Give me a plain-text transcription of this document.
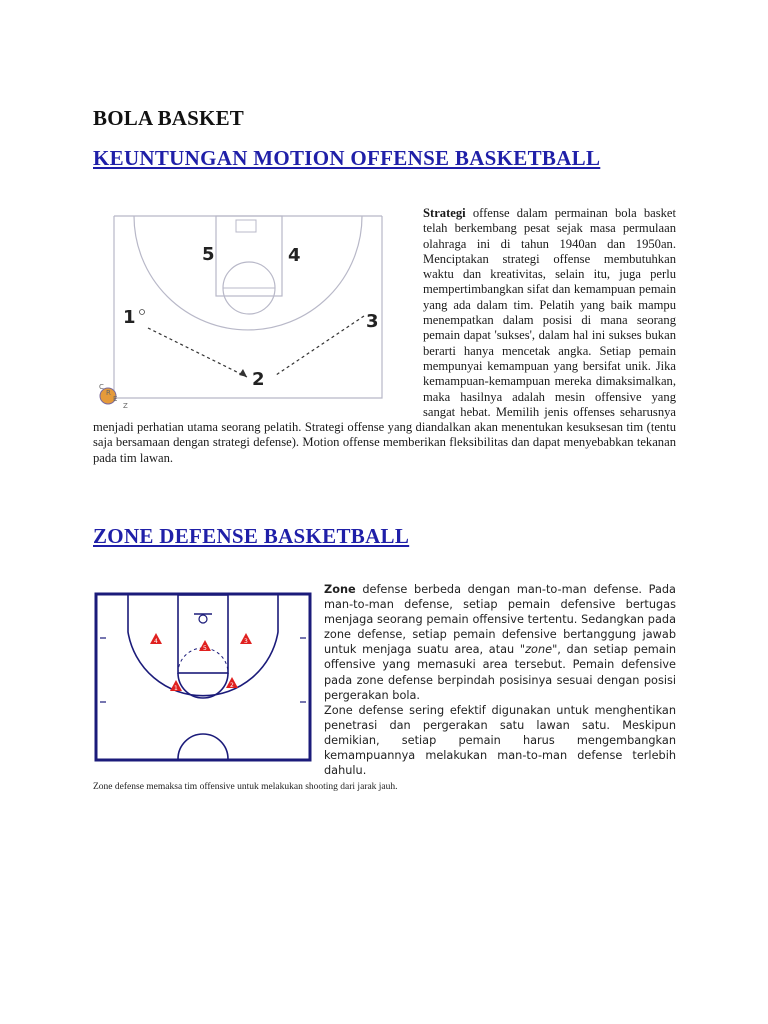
BOLA BASKET
KEUNTUNGAN MOTION OFFENSE BASKETBALL
5	4
1	3
2
C
R
E
Z

Strategi offense dalam permainan bola basket telah berkembang pesat sejak masa permulaan olahraga ini di tahun 1940an dan 1950an. Menciptakan strategi offense membutuhkan waktu dan kreativitas, selain itu, juga perlu mempertimbangkan sifat dan kemampuan pemain yang ada dalam tim. Pelatih yang baik mampu menempatkan dalam posisi di mana seorang pemain dapat 'sukses', dalam hal ini sukses bukan berarti hanya mencetak angka. Setiap pemain mempunyai kemampuan yang bersifat unik. Jika kemampuan-kemampuan mereka dimaksimalkan, maka hasilnya adalah mesin offensive yang sangat hebat. Memilih jenis offenses seharusnya menjadi perhatian utama seorang pelatih. Strategi offense yang diandalkan akan menentukan kesuksesan tim (tentu saja bersamaan dengan strategi defense). Motion offense memberikan fleksibilitas dan dapat menyebabkan tekanan pada tim lawan.

ZONE DEFENSE BASKETBALL
4
5
3
1	2

Zone defense berbeda dengan man-to-man defense. Pada man-to-man defense, setiap pemain defensive bertugas menjaga seorang pemain offensive tertentu. Sedangkan pada zone defense, setiap pemain defensive bertanggung jawab untuk menjaga suatu area, atau "zone", dan setiap pemain offensive yang memasuki area tersebut. Pemain defensive pada zone defense berpindah posisinya sesuai dengan posisi pergerakan bola.
Zone defense sering efektif digunakan untuk menghentikan penetrasi dan pergerakan satu lawan satu. Meskipun demikian, setiap pemain harus mengembangkan kemampuannya melakukan man-to-man defense terlebih dahulu.

Zone defense memaksa tim offensive untuk melakukan shooting dari jarak jauh.
